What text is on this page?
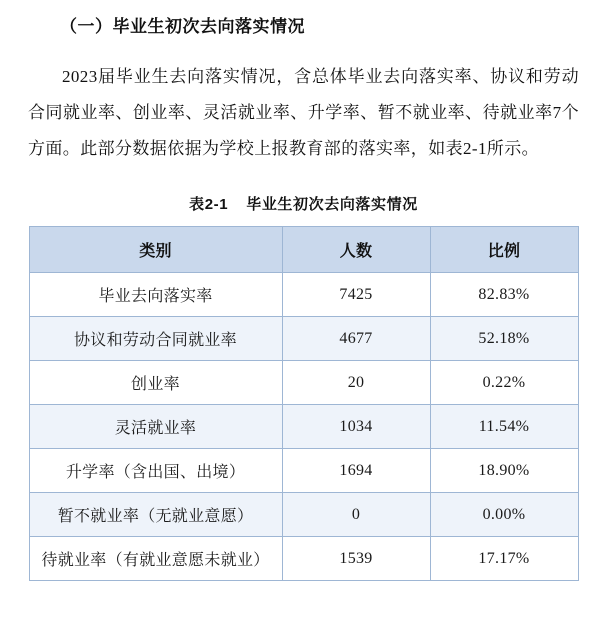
（一）毕业生初次去向落实情况

2023届毕业生去向落实情况，含总体毕业去向落实率、协议和劳动合同就业率、创业率、灵活就业率、升学率、暂不就业率、待就业率7个方面。此部分数据依据为学校上报教育部的落实率，如表2-1所示。

表2-1 毕业生初次去向落实情况
类别	人数	比例
毕业去向落实率	7425	82.83%
协议和劳动合同就业率	4677	52.18%
创业率	20	0.22%
灵活就业率	1034	11.54%
升学率（含出国、出境）	1694	18.90%
暂不就业率（无就业意愿）	0	0.00%
待就业率（有就业意愿未就业）	1539	17.17%
